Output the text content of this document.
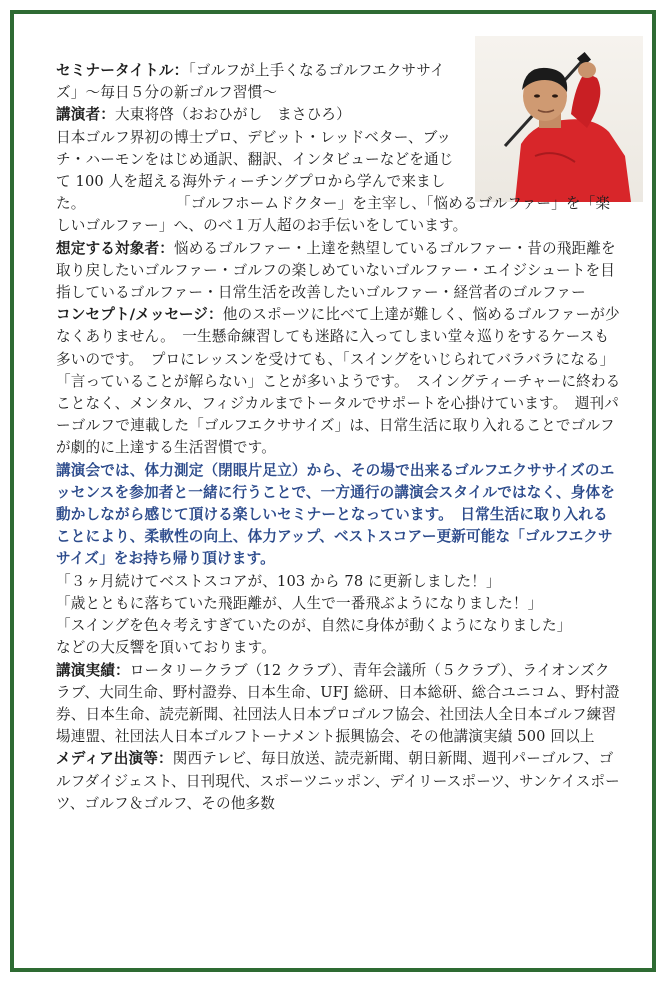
セミナータイトル：「ゴルフが上手くなるゴルフエクササイズ」〜毎日５分の新ゴルフ習慣〜

講演者：大東将啓（おおひがし　まさひろ）

日本ゴルフ界初の博士プロ、デビット・レッドベター、ブッチ・ハーモンをはじめ通訳、翻訳、インタビューなどを通じて 100 人を超える海外ティーチングプロから学んで来ました。	「ゴルフホームドクター」を主宰し、「悩めるゴルファー」を「楽しいゴルファー」へ、のべ１万人超のお手伝いをしています。

想定する対象者：悩めるゴルファー・上達を熱望しているゴルファー・昔の飛距離を取り戻したいゴルファー・ゴルフの楽しめていないゴルファー・エイジシュートを目指しているゴルファー・日常生活を改善したいゴルファー・経営者のゴルファー

コンセプト/メッセージ：他のスポーツに比べて上達が難しく、悩めるゴルファーが少なくありません。　一生懸命練習しても迷路に入ってしまい堂々巡りをするケースも多いのです。　プロにレッスンを受けても、「スイングをいじられてバラバラになる」「言っていることが解らない」ことが多いようです。　スイングティーチャーに終わることなく、メンタル、フィジカルまでトータルでサポートを心掛けています。　週刊パーゴルフで連載した「ゴルフエクササイズ」は、日常生活に取り入れることでゴルフが劇的に上達する生活習慣です。

講演会では、体力測定（閉眼片足立）から、その場で出来るゴルフエクササイズのエッセンスを参加者と一緒に行うことで、一方通行の講演会スタイルではなく、身体を動かしながら感じて頂ける楽しいセミナーとなっています。　日常生活に取り入れることにより、柔軟性の向上、体力アップ、ベストスコアー更新可能な「ゴルフエクササイズ」をお持ち帰り頂けます。

「３ヶ月続けてベストスコアが、103 から 78 に更新しました！」

「歳とともに落ちていた飛距離が、人生で一番飛ぶようになりました！」

「スイングを色々考えすぎていたのが、自然に身体が動くようになりました」

などの大反響を頂いております。

講演実績：ロータリークラブ（12 クラブ）、青年会議所（５クラブ）、ライオンズクラブ、大同生命、野村證券、日本生命、UFJ 総研、日本総研、総合ユニコム、野村證券、日本生命、読売新聞、社団法人日本プロゴルフ協会、社団法人全日本ゴルフ練習場連盟、社団法人日本ゴルフトーナメント振興協会、その他講演実績 500 回以上

メディア出演等：関西テレビ、毎日放送、読売新聞、朝日新聞、週刊パーゴルフ、ゴルフダイジェスト、日刊現代、スポーツニッポン、デイリースポーツ、サンケイスポーツ、ゴルフ＆ゴルフ、その他多数
